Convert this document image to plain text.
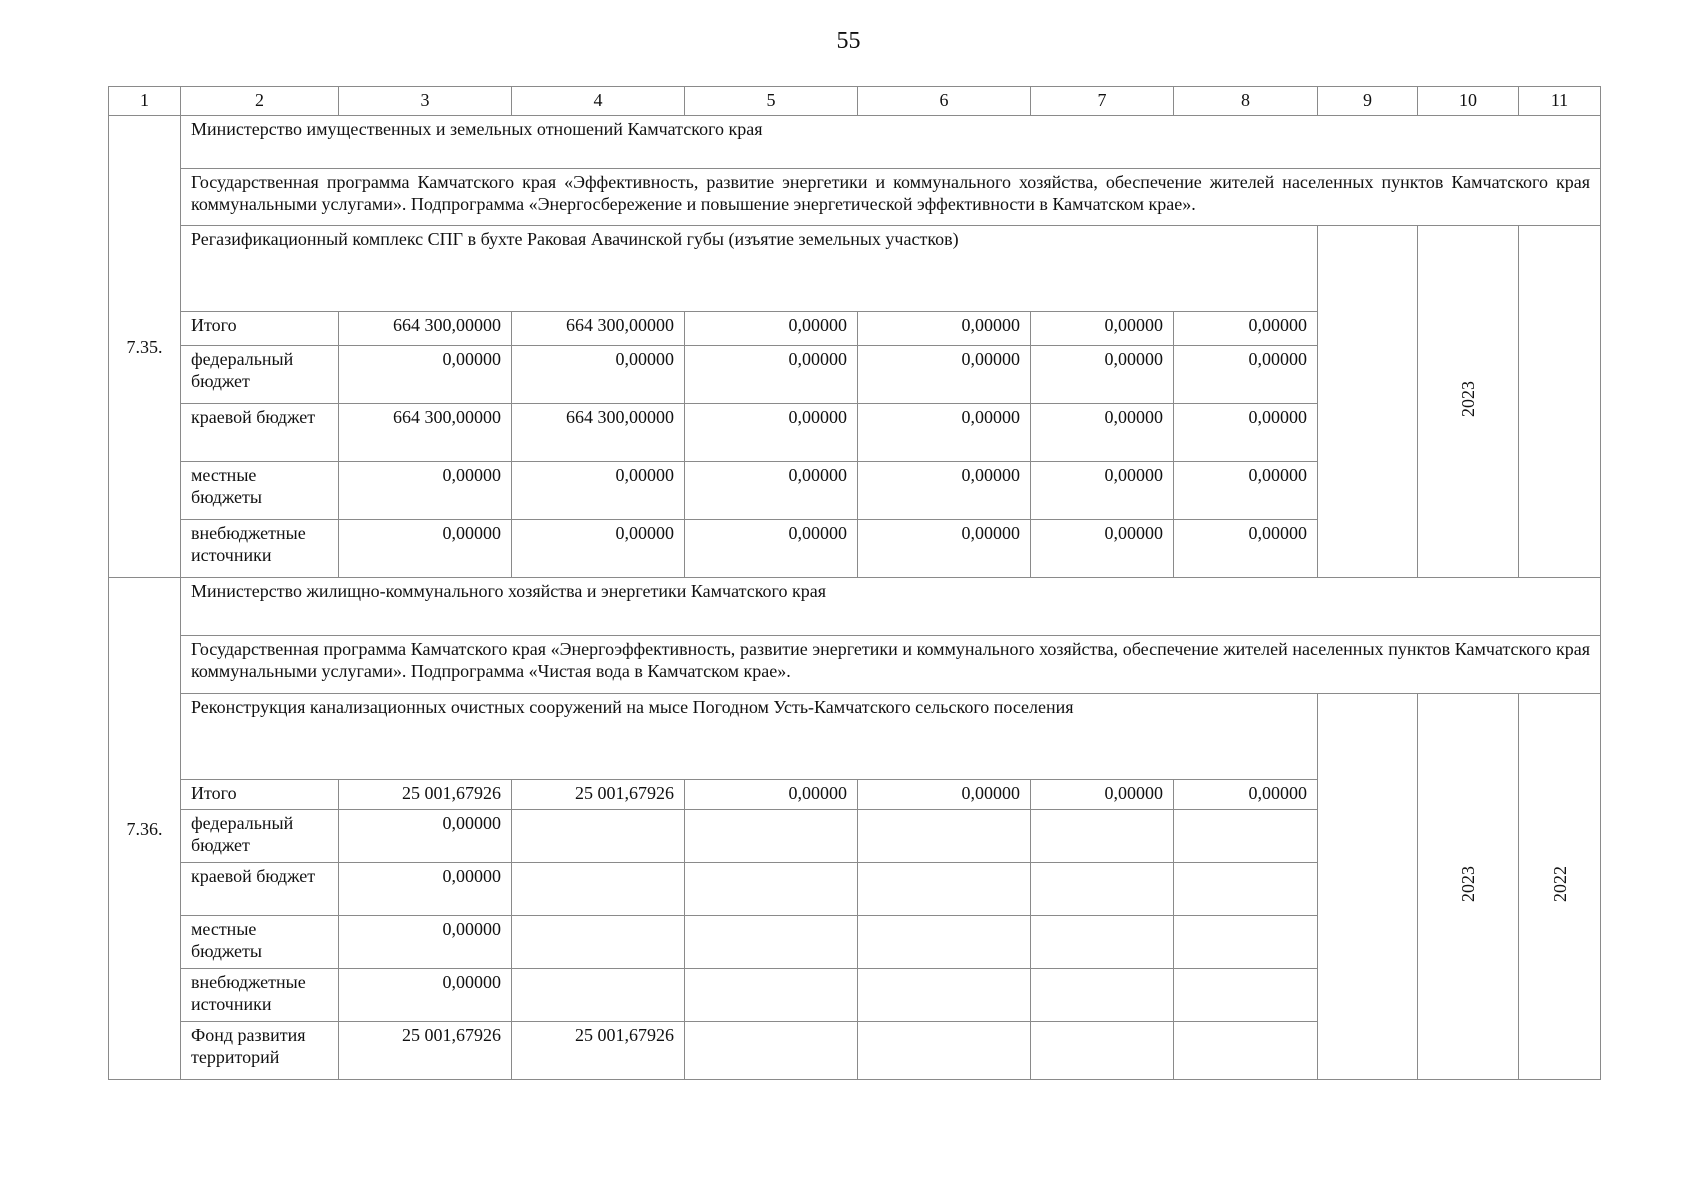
55
1	2	3	4	5	6	7	8	9	10	11
7.35.	Министерство имущественных и земельных отношений Камчатского края									
	Государственная программа Камчатского края «Эффективность, развитие энергетики и коммунального хозяйства, обеспечение жителей населенных пунктов Камчатского края коммунальными услугами». Подпрограмма «Энергосбережение и повышение энергетической эффективности в Камчатском крае».									
	Регазификационный комплекс СПГ в бухте Раковая Авачинской губы (изъятие земельных участков)								2023	
	Итого	664 300,00000	664 300,00000	0,00000	0,00000	0,00000	0,00000			
	федеральный бюджет	0,00000	0,00000	0,00000	0,00000	0,00000	0,00000			
	краевой бюджет	664 300,00000	664 300,00000	0,00000	0,00000	0,00000	0,00000			
	местные бюджеты	0,00000	0,00000	0,00000	0,00000	0,00000	0,00000			
	внебюджетные источники	0,00000	0,00000	0,00000	0,00000	0,00000	0,00000			
7.36.	Министерство жилищно-коммунального хозяйства и энергетики Камчатского края									
	Государственная программа Камчатского края «Энергоэффективность, развитие энергетики и коммунального хозяйства, обеспечение жителей населенных пунктов Камчатского края коммунальными услугами». Подпрограмма «Чистая вода в Камчатском крае».									
	Реконструкция канализационных очистных сооружений на мысе Погодном Усть-Камчатского сельского поселения								2023	2022
	Итого	25 001,67926	25 001,67926	0,00000	0,00000	0,00000	0,00000			
	федеральный бюджет	0,00000								
	краевой бюджет	0,00000								
	местные бюджеты	0,00000								
	внебюджетные источники	0,00000								
	Фонд развития территорий	25 001,67926	25 001,67926							
